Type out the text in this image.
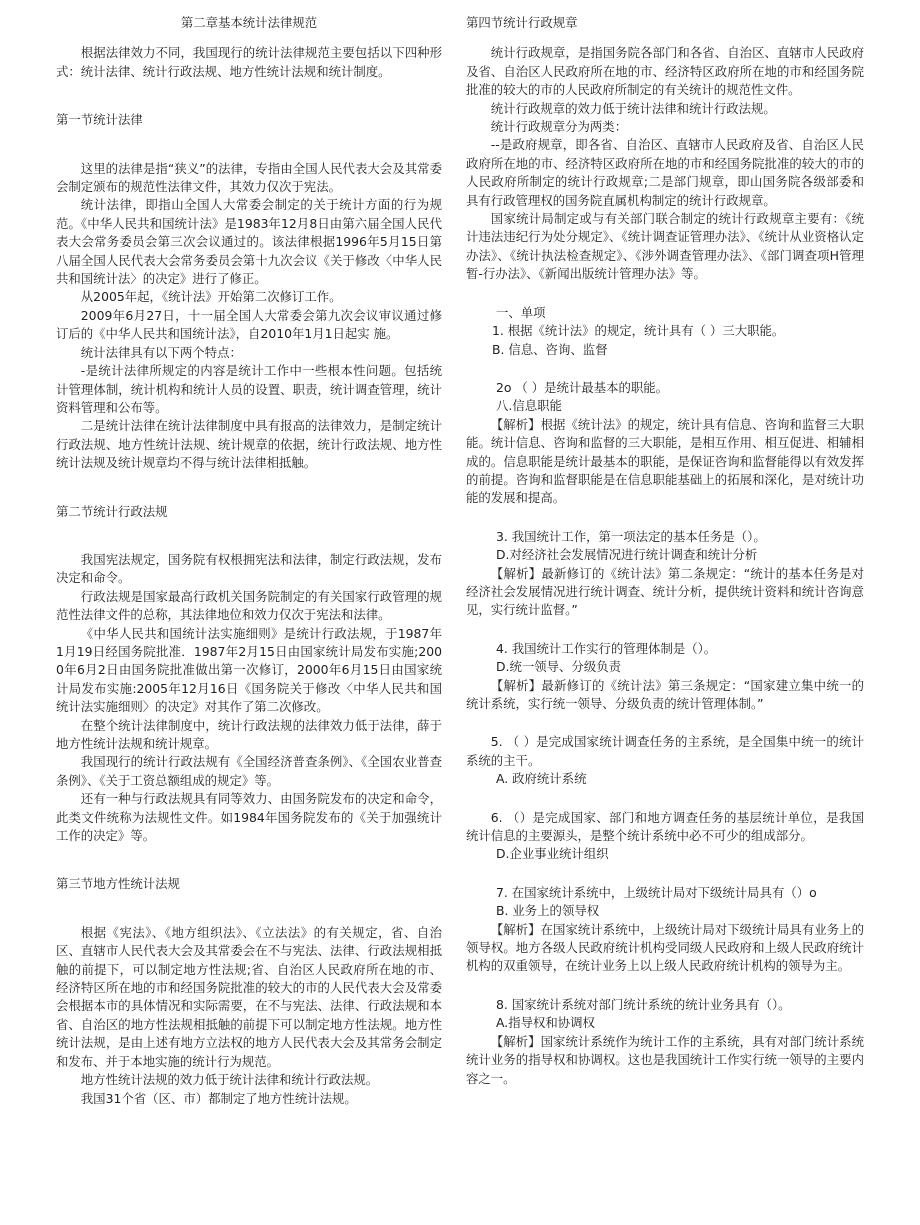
第二章基本统计法律规范

根据法律效力不同，我国现行的统计法律规范主要包括以下四种形式：统计法律、统计行政法规、地方性统计法规和统计制度。

第一节统计法律

这里的法律是指“狭义”的法律，专指由全国人民代表大会及其常委会制定颁布的规范性法律文件，其效力仅次于宪法。

统计法律，即指山全国人大常委会制定的关于统计方面的行为规范。《中华人民共和国统计法》是1983年12月8日由第六届全国人民代表大会常务委员会第三次会议通过的。该法律根据1996年5月15日第八届全国人民代表大会常务委员会第十九次会议《关于修改〈中华人民共和国统计法〉的决定》进行了修正。

从2005年起，《统计法》开始第二次修订工作。

2009年6月27日，十一届全国人大常委会第九次会议审议通过修订后的《中华人民共和国统计法》，自2010年1月1日起实 施。

统计法律具有以下两个特点：

-是统计法律所规定的内容是统计工作中一些根本性问题。包括统计管理体制，统计机构和统计人员的设置、职责，统计调查管理，统计资料管理和公布等。

二是统计法律在统计法律制度中具有报高的法律效力，是制定统计行政法规、地方性统计法规、统计规章的依据，统计行政法规、地方性统计法规及统计规章均不得与统计法律相抵触。

第二节统计行政法规

我国宪法规定，国务院有权根拥宪法和法律，制定行政法规，发布决定和命令。

行政法规是国家最高行政机关国务院制定的有关国家行政管理的规范性法律文件的总称，其法律地位和效力仅次于宪法和法律。

《中华人民共和国统计法实施细则》是统计行政法规，于1987年1月19日经国务院批准．1987年2月15日由国家统计局发布实施;2000年6月2日由国务院批准做出第一次修订，2000年6月15日由国家统计局发布实施:2005年12月16日《国务院关于修改〈中华人民共和国统计法实施细则〉的决定》对其作了第二次修改。

在整个统计法律制度中，统计行政法规的法律效力低于法律，薛于地方性统计法规和统计规章。

我国现行的统计行政法规有《全国经济普查条例》、《全国农业普查条例》、《关于工资总额组成的规定》等。

还有一种与行政法规具有同等效力、由国务院发布的决定和命令，此类文件统称为法规性文件。如1984年国务院发布的《关于加强统计工作的决定》等。

第三节地方性统计法规

根据《宪法》、《地方组织法》、《立法法》的有关规定，省、自治区、直辖市人民代表大会及其常委会在不与宪法、法律、行政法规相抵触的前提下，可以制定地方性法规;省、自治区人民政府所在地的市、经济特区所在地的市和经国务院批准的较大的市的人民代表大会及常委会根据本市的具体情况和实际需要，在不与宪法、法律、行政法规和本省、自治区的地方性法规相抵触的前提下可以制定地方性法规。地方性统计法规，是由上述有地方立法权的地方人民代表大会及其常务会制定和发布、并于本地实施的统计行为规范。

地方性统计法规的效力低于统计法律和统计行政法规。

我国31个省（区、市）都制定了地方性统计法规。

第四节统计行政规章

统计行政规章，是指国务院各部门和各省、自治区、直辖市人民政府及省、自治区人民政府所在地的市、经济特区政府所在地的市和经国务院批准的较大的市的人民政府所制定的有关统计的规范性文件。

统计行政规章的效力低于统计法律和统计行政法规。

统计行政规章分为两类：

--是政府规章，即各省、自治区、直辖市人民政府及省、自治区人民政府所在地的市、经济特区政府所在地的市和经国务院批准的较大的市的人民政府所制定的统计行政规章;二是部门规章，即山国务院各级部委和具有行政管理权的国务院直属机构制定的统计行政规章。

国家统计局制定或与有关部门联合制定的统计行政规章主要有：《统计违法违纪行为处分规定》、《统计调查证管理办法》、《统计从业资格认定办法》、《统计执法检查规定》、《涉外调查管理办法》、《部门调查项H管理暂-行办法》、《新闻出版统计管理办法》等。

一、单项

1. 根据《统计法》的规定，统计具有（ ）三大职能。

B. 信息、咨询、监督

2o （ ）是统计最基本的职能。

八.信息职能

【解析】根据《统计法》的规定，统计具有信息、咨询和监督三大职能。统计信息、咨询和监督的三大职能，是相互作用、相互促进、相辅相成的。信息职能是统计最基本的职能，是保证咨询和监督能得以有效发挥的前提。咨询和监督职能是在信息职能基础上的拓展和深化，是对统计功能的发展和提高。

3. 我国统计工作，第一项法定的基本任务是（）。

D.对经济社会发展情况进行统计调查和统计分析

【解析】最新修订的《统计法》第二条规定：“统计的基本任务是对经济社会发展情况进行统计调查、统计分析，提供统计资料和统计咨询意见，实行统计监督。”

4. 我国统计工作实行的管理体制是（）。

D.统一领导、分级负责

【解析】最新修订的《统计法》第三条规定：“国家建立集中统一的统计系统，实行统一领导、分级负责的统计管理体制。”

5. （ ）是完成国家统计调查任务的主系统，是全国集中统一的统计系统的主干。

A. 政府统计系统

6. （）是完成国家、部门和地方调查任务的基层统计单位，是我国统计信息的主要源头，是整个统计系统中必不可少的组成部分。

D.企业事业统计组织

7. 在国家统计系统中，上级统计局对下级统计局具有（）o

B. 业务上的领导权

【解析】在国家统计系统中，上级统计局对下级统计局具有业务上的领导权。地方各级人民政府统计机构受同级人民政府和上级人民政府统计机构的双重领导，在统计业务上以上级人民政府统计机构的领导为主。

8. 国家统计系统对部门统计系统的统计业务具有（）。

A.指导权和协调权

【解析】国家统计系统作为统计工作的主系统，具有对部门统计系统统计业务的指导权和协调权。这也是我国统计工作实行统一领导的主要内容之一。
